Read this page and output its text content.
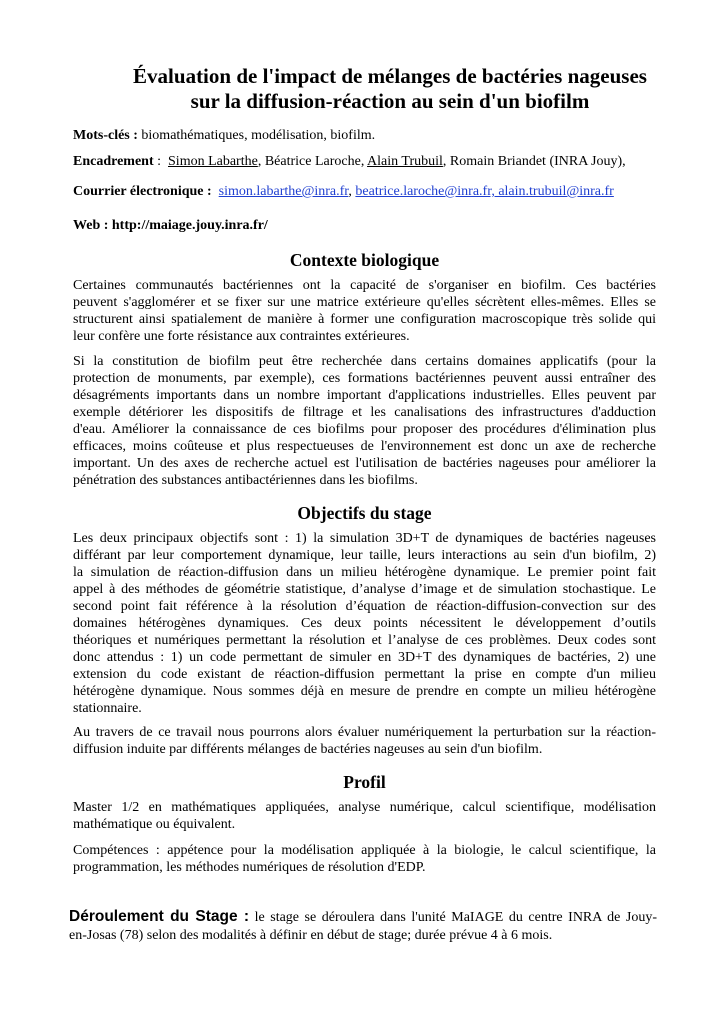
Évaluation de l'impact de mélanges de bactéries nageuses
sur la diffusion-réaction au sein d'un biofilm
Mots-clés : biomathématiques, modélisation, biofilm.
Encadrement :  Simon Labarthe, Béatrice Laroche, Alain Trubuil, Romain Briandet (INRA Jouy),
Courrier électronique : simon.labarthe@inra.fr, beatrice.laroche@inra.fr, alain.trubuil@inra.fr
Web : http://maiage.jouy.inra.fr/
Contexte biologique
Certaines communautés bactériennes ont la capacité de s'organiser en biofilm. Ces bactéries
peuvent s'agglomérer et se fixer sur une matrice extérieure qu'elles sécrètent elles-mêmes. Elles se
structurent ainsi spatialement de manière à former une configuration macroscopique très solide qui
leur confère une forte résistance aux contraintes extérieures.
Si la constitution de biofilm peut être recherchée dans certains domaines applicatifs (pour la
protection de monuments, par exemple), ces formations bactériennes peuvent aussi entraîner des
désagréments importants dans un nombre important d'applications industrielles. Elles peuvent par
exemple détériorer les dispositifs de filtrage et les canalisations des infrastructures d'adduction
d'eau. Améliorer la connaissance de ces biofilms pour proposer des procédures d'élimination plus
efficaces, moins coûteuse et plus respectueuses de l'environnement est donc un axe de recherche
important. Un des axes de recherche actuel est l'utilisation de bactéries nageuses pour améliorer la
pénétration des substances antibactériennes dans les biofilms.
Objectifs du stage
Les deux principaux objectifs sont : 1) la simulation 3D+T de dynamiques de bactéries nageuses
différant par leur comportement dynamique, leur taille, leurs interactions au sein d'un biofilm, 2)
la simulation de réaction-diffusion dans un milieu hétérogène dynamique. Le premier point fait
appel à des méthodes de géométrie statistique, d’analyse d’image et de simulation stochastique. Le
second point fait référence à la résolution d’équation de réaction-diffusion-convection sur des
domaines hétérogènes dynamiques. Ces deux points nécessitent le développement d’outils
théoriques et numériques permettant la résolution et l’analyse de ces problèmes. Deux codes sont
donc attendus : 1) un code permettant de simuler en 3D+T des dynamiques de bactéries, 2) une
extension du code existant de réaction-diffusion permettant la prise en compte d'un milieu
hétérogène dynamique. Nous sommes déjà en mesure de prendre en compte un milieu hétérogène
stationnaire.
Au travers de ce travail nous pourrons alors évaluer numériquement la perturbation sur la réaction-
diffusion induite par différents mélanges de bactéries nageuses au sein d'un biofilm.
Profil
Master 1/2 en mathématiques appliquées, analyse numérique, calcul scientifique, modélisation
mathématique ou équivalent.
Compétences : appétence pour la modélisation appliquée à la biologie, le calcul scientifique, la
programmation, les méthodes numériques de résolution d'EDP.
Déroulement du Stage : le stage se déroulera dans l'unité MaIAGE du centre INRA de Jouy-
en-Josas (78) selon des modalités à définir en début de stage; durée prévue 4 à 6 mois.
